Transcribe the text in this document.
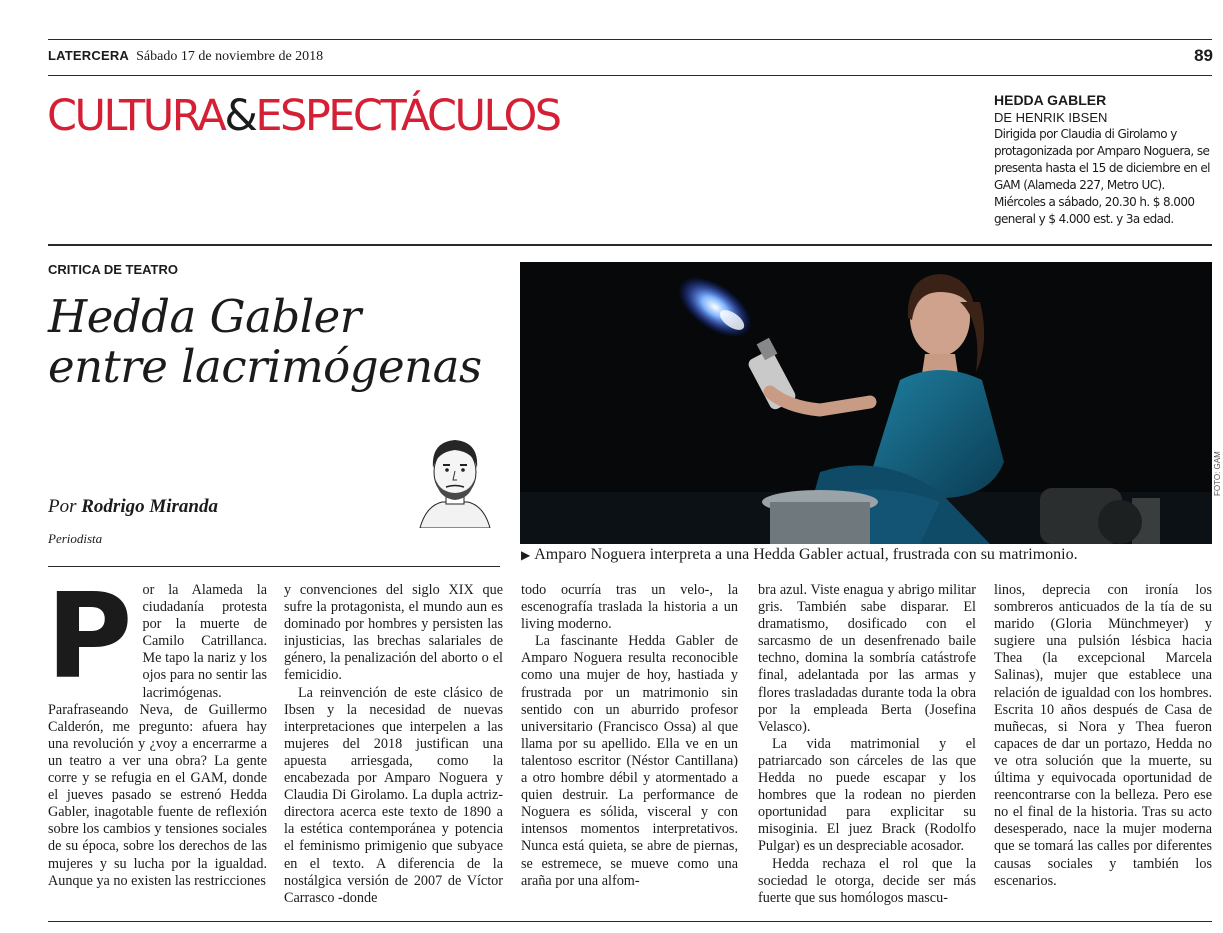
LATERCERA Sábado 17 de noviembre de 2018	89
CULTURA&ESPECTÁCULOS	HEDDA GABLER
DE HENRIK IBSEN
Dirigida por Claudia di Girolamo y protagonizada por Amparo Noguera, se presenta hasta el 15 de diciembre en el GAM (Alameda 227, Metro UC). Miércoles a sábado, 20.30 h. $ 8.000 general y $ 4.000 est. y 3a edad.
CRITICA DE TEATRO
Hedda Gabler
entre lacrimógenas
Por Rodrigo Miranda
Periodista
FOTO: GAM
▶ Amparo Noguera interpreta a una Hedda Gabler actual, frustrada con su matrimonio.
P or la Alameda la ciudadanía protesta por la muerte de Camilo Catrillanca. Me tapo la nariz y los ojos para no sentir las lacrimógenas. Parafraseando Neva, de Guillermo Calderón, me pregunto: afuera hay una revolución y ¿voy a encerrarme a un teatro a ver una obra? La gente corre y se refugia en el GAM, donde el jueves pasado se estrenó Hedda Gabler, inagotable fuente de reflexión sobre los cambios y tensiones sociales de su época, sobre los derechos de las mujeres y su lucha por la igualdad. Aunque ya no existen las restricciones

y convenciones del siglo XIX que sufre la protagonista, el mundo aun es dominado por hombres y persisten las injusticias, las brechas salariales de género, la penalización del aborto o el femicidio.

La reinvención de este clásico de Ibsen y la necesidad de nuevas interpretaciones que interpelen a las mujeres del 2018 justifican una apuesta arriesgada, como la encabezada por Amparo Noguera y Claudia Di Girolamo. La dupla actriz-directora acerca este texto de 1890 a la estética contemporánea y potencia el feminismo primigenio que subyace en el texto. A diferencia de la nostálgica versión de 2007 de Víctor Carrasco -donde

todo ocurría tras un velo-, la escenografía traslada la historia a un living moderno.

La fascinante Hedda Gabler de Amparo Noguera resulta reconocible como una mujer de hoy, hastiada y frustrada por un matrimonio sin sentido con un aburrido profesor universitario (Francisco Ossa) al que llama por su apellido. Ella ve en un talentoso escritor (Néstor Cantillana) a otro hombre débil y atormentado a quien destruir. La performance de Noguera es sólida, visceral y con intensos momentos interpretativos. Nunca está quieta, se abre de piernas, se estremece, se mueve como una araña por una alfom-

bra azul. Viste enagua y abrigo militar gris. También sabe disparar. El dramatismo, dosificado con el sarcasmo de un desenfrenado baile techno, domina la sombría catástrofe final, adelantada por las armas y flores trasladadas durante toda la obra por la empleada Berta (Josefina Velasco).

La vida matrimonial y el patriarcado son cárceles de las que Hedda no puede escapar y los hombres que la rodean no pierden oportunidad para explicitar su misoginia. El juez Brack (Rodolfo Pulgar) es un despreciable acosador.

Hedda rechaza el rol que la sociedad le otorga, decide ser más fuerte que sus homólogos mascu-

linos, deprecia con ironía los sombreros anticuados de la tía de su marido (Gloria Münchmeyer) y sugiere una pulsión lésbica hacia Thea (la excepcional Marcela Salinas), mujer que establece una relación de igualdad con los hombres. Escrita 10 años después de Casa de muñecas, si Nora y Thea fueron capaces de dar un portazo, Hedda no ve otra solución que la muerte, su última y equivocada oportunidad de reencontrarse con la belleza. Pero ese no el final de la historia. Tras su acto desesperado, nace la mujer moderna que se tomará las calles por diferentes causas sociales y también los escenarios.
